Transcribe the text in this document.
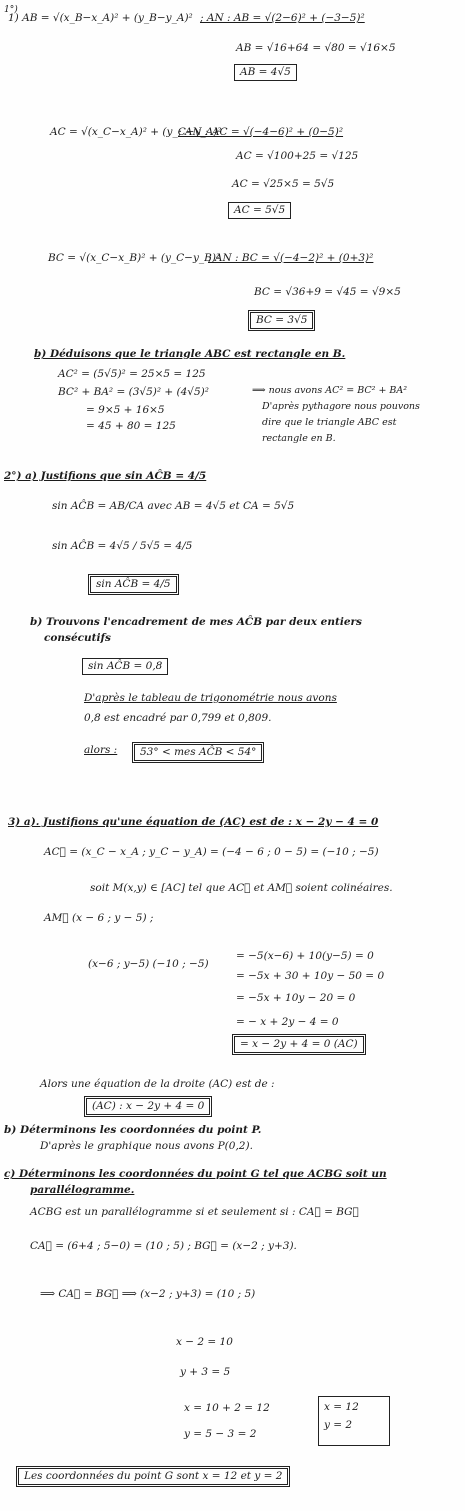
1°)
1) AB = √(x_B−x_A)² + (y_B−y_A)² ; AN : AB = √(2−6)² + (−3−5)²
AB = √16+64 = √80 = √16×5
AB = 4√5
AC = √(x_C−x_A)² + (y_C−y_A)²
; AN : AC = √(−4−6)² + (0−5)²
AC = √100+25 = √125
AC = √25×5 = 5√5
AC = 5√5
BC = √(x_C−x_B)² + (y_C−y_B)²
; AN : BC = √(−4−2)² + (0+3)²
BC = √36+9 = √45 = √9×5
BC = 3√5
b) Déduisons que le triangle ABC est rectangle en B.
AC² = (5√5)² = 25×5 = 125
BC² + BA² = (3√5)² + (4√5)²
= 9×5 + 16×5
= 45 + 80 = 125
⟹ nous avons AC² = BC² + BA²
D'après pythagore nous pouvons
dire que le triangle ABC est
rectangle en B.
2°) a) Justifions que sin AĈB = 4/5
sin AĈB = AB/CA avec AB = 4√5 et CA = 5√5
sin AĈB = 4√5 / 5√5 = 4/5
sin AĈB = 4/5
b) Trouvons l'encadrement de mes AĈB par deux entiers
consécutifs
sin AĈB = 0,8
D'après le tableau de trigonométrie nous avons
0,8 est encadré par 0,799 et 0,809.
alors :	53° < mes AĈB < 54°
3) a). Justifions qu'une équation de (AC) est de : x − 2y − 4 = 0
AC⃗ = (x_C − x_A ; y_C − y_A) = (−4 − 6 ; 0 − 5) = (−10 ; −5)
soit M(x,y) ∈ [AC] tel que AC⃗ et AM⃗ soient colinéaires.
AM⃗ (x − 6 ; y − 5) ;
(x−6 ; y−5) (−10 ; −5)
= −5(x−6) + 10(y−5) = 0
= −5x + 30 + 10y − 50 = 0
= −5x + 10y − 20 = 0
= − x + 2y − 4 = 0
= x − 2y + 4 = 0 (AC)
Alors une équation de la droite (AC) est de :
(AC) : x − 2y + 4 = 0
b) Déterminons les coordonnées du point P.
D'après le graphique nous avons P(0,2).
c) Déterminons les coordonnées du point G tel que ACBG soit un
parallélogramme.
ACBG est un parallélogramme si et seulement si : CA⃗ = BG⃗
CA⃗ = (6+4 ; 5−0) = (10 ; 5) ; BG⃗ = (x−2 ; y+3).
⟹ CA⃗ = BG⃗ ⟹ (x−2 ; y+3) = (10 ; 5)
x − 2 = 10
y + 3 = 5
x = 10 + 2 = 12
y = 5 − 3 = 2
x = 12
y = 2
Les coordonnées du point G sont x = 12 et y = 2
